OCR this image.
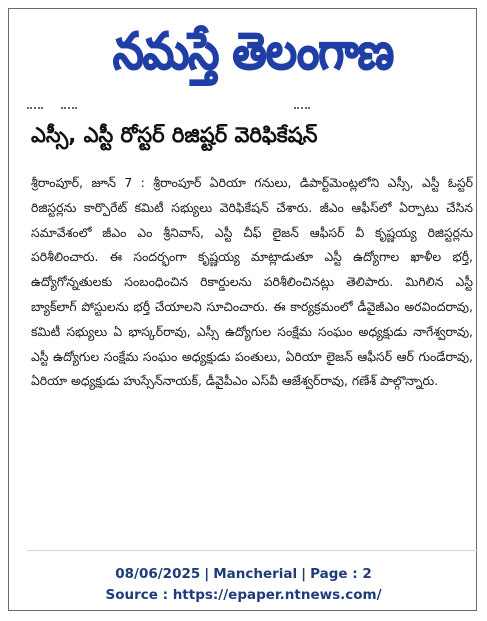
నమస్తే తెలంగాణ

ఎస్సీ, ఎస్టీ రోస్టర్ రిజిష్టర్ వెరిఫికేషన్
శ్రీరాంపూర్, జూన్ 7 : శ్రీరాంపూర్ ఏరియా గనులు, డిపార్ట్‌మెంట్లలోని ఎస్సీ, ఎస్టీ ఓస్టర్ రిజిస్టర్లను కార్పొరేట్ కమిటీ సభ్యులు వెరిఫికేషన్ చేశారు. జీఎం ఆఫీస్‌లో ఏర్పాటు చేసిన సమావేశంలో జీఎం ఎం శ్రీనివాస్, ఎస్టీ చీఫ్ లైజన్ ఆఫీసర్ వీ కృష్ణయ్య రిజిస్టర్లను పరిశీలించారు. ఈ సందర్భంగా కృష్ణయ్య మాట్లాడుతూ ఎస్టీ ఉద్యోగాల ఖాళీల భర్తీ, ఉద్యోగోన్నతులకు సంబంధించిన రికార్డులను పరిశీలించినట్లు తెలిపారు. మిగిలిన ఎస్టీ బ్యాక్‌లాగ్ పోస్టులను భర్తీ చేయాలని సూచించారు. ఈ కార్యక్రమంలో డీవైజీఎం అరవిందరావు, కమిటీ సభ్యులు ఏ భాస్కర్‌రావు, ఎస్సీ ఉద్యోగుల సంక్షేమ సంఘం అధ్యక్షుడు నాగేశ్వరావు, ఎస్టీ ఉద్యోగుల సంక్షేమ సంఘం అధ్యక్షుడు పంతులు, ఏరియా లైజన్ ఆఫీసర్ ఆర్ గుండేరావు, ఏరియా అధ్యక్షుడు హుస్సేన్‌నాయక్, డీవైపీఎం ఎస్‌వీ ఆజేశ్వర్‌రావు, గణేశ్ పాల్గొన్నారు.
08/06/2025 | Mancherial | Page : 2
Source : https://epaper.ntnews.com/
